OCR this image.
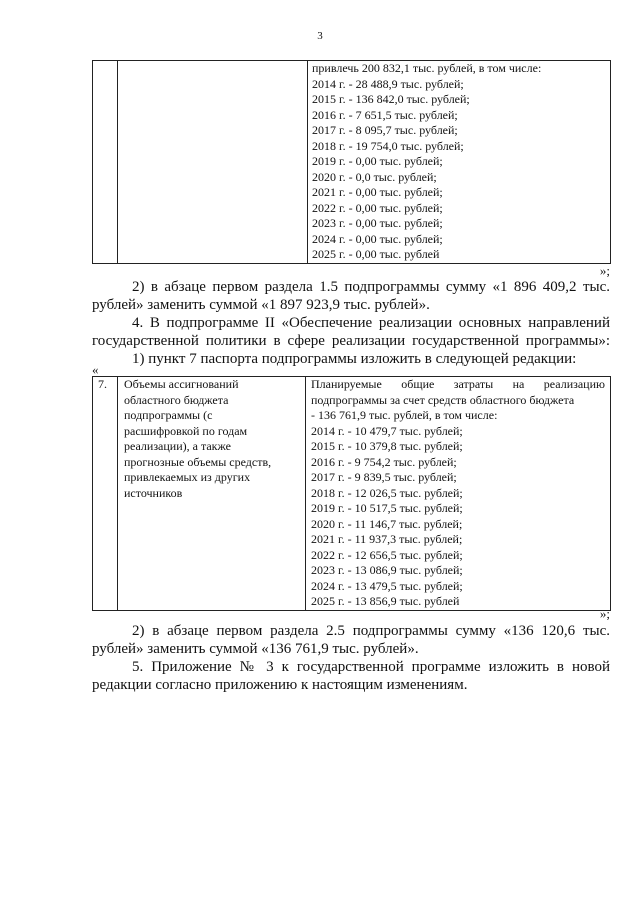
3

привлечь 200 832,1 тыс. рублей, в том числе:
2014 г. - 28 488,9 тыс. рублей;
2015 г. - 136 842,0 тыс. рублей;
2016 г. - 7 651,5 тыс. рублей;
2017 г. - 8 095,7 тыс. рублей;
2018 г. - 19 754,0 тыс. рублей;
2019 г. - 0,00 тыс. рублей;
2020 г. - 0,0 тыс. рублей;
2021 г. - 0,00 тыс. рублей;
2022 г. - 0,00 тыс. рублей;
2023 г. - 0,00 тыс. рублей;
2024 г. - 0,00 тыс. рублей;
2025 г. - 0,00 тыс. рублей
»;
2) в абзаце первом раздела 1.5 подпрограммы сумму «1 896 409,2 тыс.
рублей» заменить суммой «1 897 923,9 тыс. рублей».
4. В подпрограмме II «Обеспечение реализации основных направлений
государственной политики в сфере реализации государственной программы»:
1) пункт 7 паспорта подпрограммы изложить в следующей редакции:
«
7.	Объемы ассигнований
областного бюджета
подпрограммы (с
расшифровкой по годам
реализации), а также
прогнозные объемы средств,
привлекаемых из других
источников

Планируемые общие затраты на реализацию
подпрограммы за счет средств областного бюджета
- 136 761,9 тыс. рублей, в том числе:
2014 г. - 10 479,7 тыс. рублей;
2015 г. - 10 379,8 тыс. рублей;
2016 г. - 9 754,2 тыс. рублей;
2017 г. - 9 839,5 тыс. рублей;
2018 г. - 12 026,5 тыс. рублей;
2019 г. - 10 517,5 тыс. рублей;
2020 г. - 11 146,7 тыс. рублей;
2021 г. - 11 937,3 тыс. рублей;
2022 г. - 12 656,5 тыс. рублей;
2023 г. - 13 086,9 тыс. рублей;
2024 г. - 13 479,5 тыс. рублей;
2025 г. - 13 856,9 тыс. рублей
»;
2) в абзаце первом раздела 2.5 подпрограммы сумму «136 120,6 тыс.
рублей» заменить суммой «136 761,9 тыс. рублей».
5. Приложение № 3 к государственной программе изложить в новой
редакции согласно приложению к настоящим изменениям.
